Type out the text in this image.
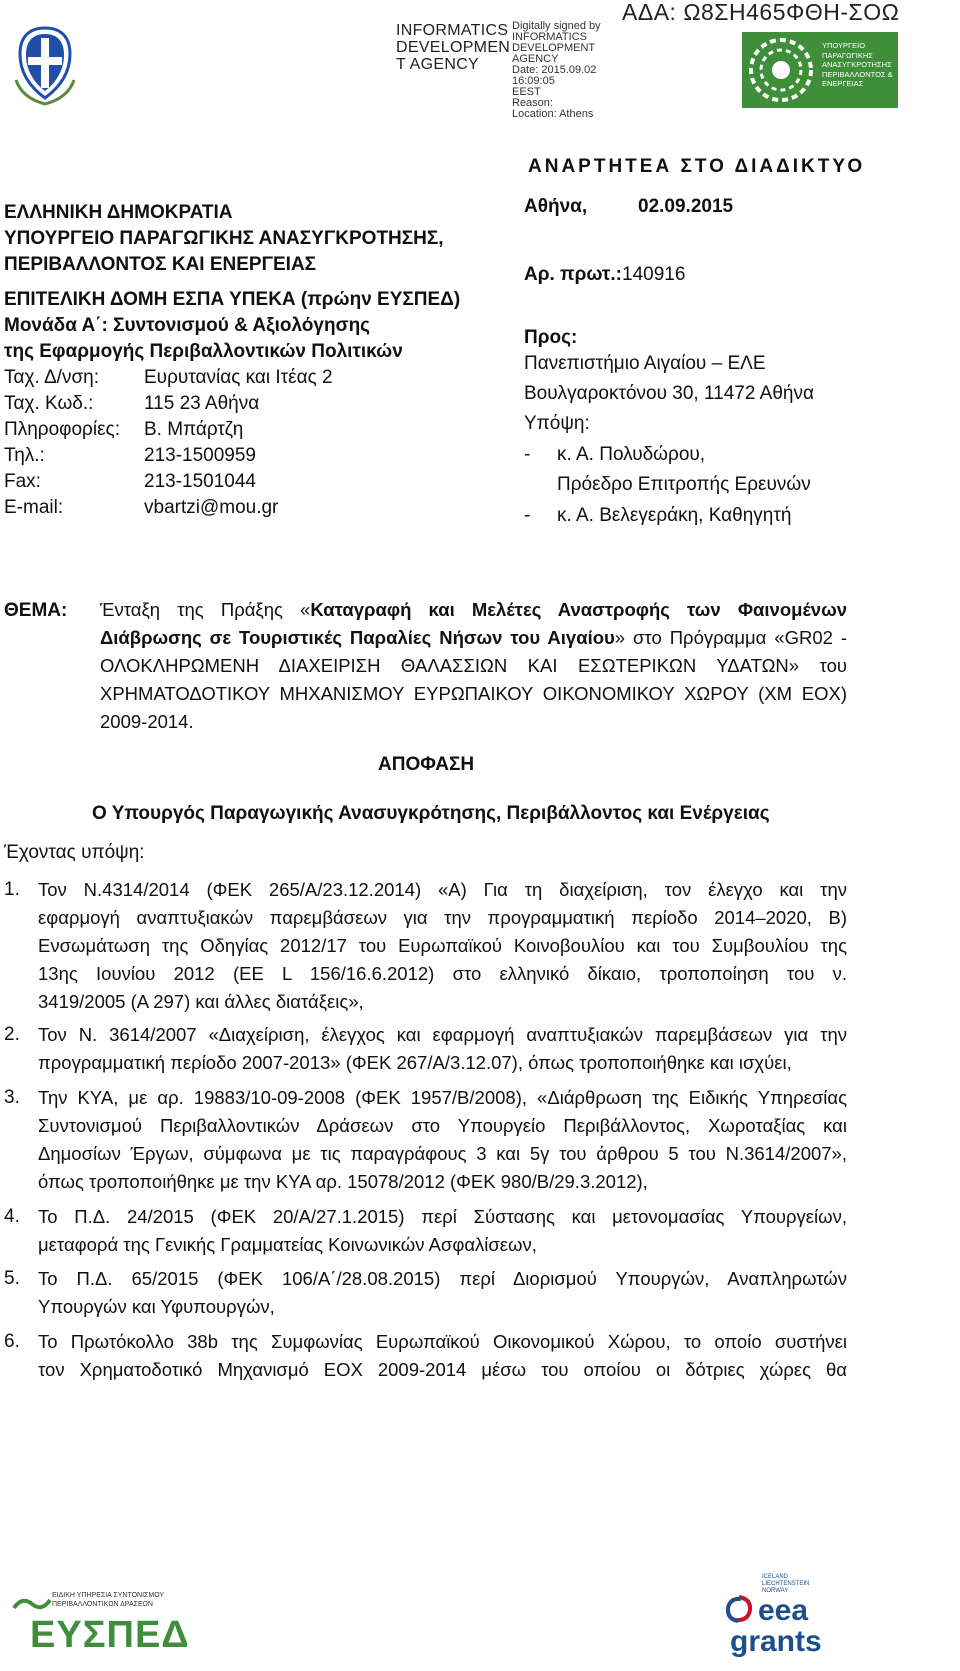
INFORMATICS
DEVELOPMEN
T AGENCY
Digitally signed by
INFORMATICS
DEVELOPMENT AGENCY
Date: 2015.09.02 16:09:05
EEST
Reason:
Location: Athens
ΑΔΑ: Ω8ΣΗ465ΦΘΗ-ΣΟΩ
ΥΠΟΥΡΓΕΙΟ ΠΑΡΑΓΩΓΙΚΗΣ ΑΝΑΣΥΓΚΡΟΤΗΣΗΣ ΠΕΡΙΒΑΛΛΟΝΤΟΣ & ΕΝΕΡΓΕΙΑΣ
ΑΝΑΡΤΗΤΕΑ ΣΤΟ ΔΙΑΔΙΚΤΥΟ
ΕΛΛΗΝΙΚΗ ΔΗΜΟΚΡΑΤΙΑ
ΥΠΟΥΡΓΕΙΟ ΠΑΡΑΓΩΓΙΚΗΣ ΑΝΑΣΥΓΚΡΟΤΗΣΗΣ,
ΠΕΡΙΒΑΛΛΟΝΤΟΣ ΚΑΙ ΕΝΕΡΓΕΙΑΣ
ΕΠΙΤΕΛΙΚΗ ΔΟΜΗ ΕΣΠΑ ΥΠΕΚΑ (πρώην ΕΥΣΠΕΔ)
Μονάδα Α΄: Συντονισμού & Αξιολόγησης
της Εφαρμογής Περιβαλλοντικών Πολιτικών
Ταχ. Δ/νση: Ευρυτανίας και Ιτέας 2
Ταχ. Κωδ.:	115 23 Αθήνα
Πληροφορίες: Β. Μπάρτζη
Τηλ.:	213-1500959
Fax:	213-1501044
E-mail:	vbartzi@mou.gr
Αθήνα,	02.09.2015
Αρ. πρωτ.: 140916
Προς:
Πανεπιστήμιο Αιγαίου – ΕΛΕ
Βουλγαροκτόνου 30, 11472 Αθήνα
Υπόψη:
- κ. Α. Πολυδώρου,
Πρόεδρο Επιτροπής Ερευνών
- κ. Α. Βελεγεράκη, Καθηγητή
ΘΕΜΑ: Ένταξη της Πράξης «Καταγραφή και Μελέτες Αναστροφής των Φαινομένων
Διάβρωσης σε Τουριστικές Παραλίες Νήσων του Αιγαίου» στο Πρόγραμμα «GR02 -
ΟΛΟΚΛΗΡΩΜΕΝΗ ΔΙΑΧΕΙΡΙΣΗ ΘΑΛΑΣΣΙΩΝ ΚΑΙ ΕΣΩΤΕΡΙΚΩΝ ΥΔΑΤΩΝ» του
ΧΡΗΜΑΤΟΔΟΤΙΚΟΥ ΜΗΧΑΝΙΣΜΟΥ ΕΥΡΩΠΑΙΚΟΥ ΟΙΚΟΝΟΜΙΚΟΥ ΧΩΡΟΥ (ΧΜ ΕΟΧ)
2009-2014.
ΑΠΟΦΑΣΗ
Ο Υπουργός Παραγωγικής Ανασυγκρότησης, Περιβάλλοντος και Ενέργειας
Έχοντας υπόψη:
1. Τον Ν.4314/2014 (ΦΕΚ 265/Α/23.12.2014) «Α) Για τη διαχείριση, τον έλεγχο και την
εφαρμογή αναπτυξιακών παρεμβάσεων για την προγραμματική περίοδο 2014–2020, Β)
Ενσωμάτωση της Οδηγίας 2012/17 του Ευρωπαϊκού Κοινοβουλίου και του Συμβουλίου της
13ης Ιουνίου 2012 (ΕΕ L 156/16.6.2012) στο ελληνικό δίκαιο, τροποποίηση του ν.
3419/2005 (Α 297) και άλλες διατάξεις»,
2. Τον Ν. 3614/2007 «Διαχείριση, έλεγχος και εφαρμογή αναπτυξιακών παρεμβάσεων για την
προγραμματική περίοδο 2007-2013» (ΦΕΚ 267/Α/3.12.07), όπως τροποποιήθηκε και ισχύει,
3. Την ΚΥΑ, με αρ. 19883/10-09-2008 (ΦΕΚ 1957/Β/2008), «Διάρθρωση της Ειδικής Υπηρεσίας
Συντονισμού Περιβαλλοντικών Δράσεων στο Υπουργείο Περιβάλλοντος, Χωροταξίας και
Δημοσίων Έργων, σύμφωνα με τις παραγράφους 3 και 5γ του άρθρου 5 του Ν.3614/2007»,
όπως τροποποιήθηκε με την ΚΥΑ αρ. 15078/2012 (ΦΕΚ 980/Β/29.3.2012),
4. Το Π.Δ. 24/2015 (ΦΕΚ 20/Α/27.1.2015) περί Σύστασης και μετονομασίας Υπουργείων,
μεταφορά της Γενικής Γραμματείας Κοινωνικών Ασφαλίσεων,
5. Το Π.Δ. 65/2015 (ΦΕΚ 106/Α΄/28.08.2015) περί Διορισμού Υπουργών, Αναπληρωτών
Υπουργών και Υφυπουργών,
6. Το Πρωτόκολλο 38b της Συμφωνίας Ευρωπαϊκού Οικονομικού Χώρου, το οποίο συστήνει
τον Χρηματοδοτικό Μηχανισμό ΕΟΧ 2009-2014 μέσω του οποίου οι δότριες χώρες θα
ΕΙΔΙΚΗ ΥΠΗΡΕΣΙΑ ΣΥΝΤΟΝΙΣΜΟΥ
ΠΕΡΙΒΑΛΛΟΝΤΙΚΩΝ ΔΡΑΣΕΩΝ
ΕΥΣΠΕΔ
ICELAND
LIECHTENSTEIN
NORWAY
eea
grants
